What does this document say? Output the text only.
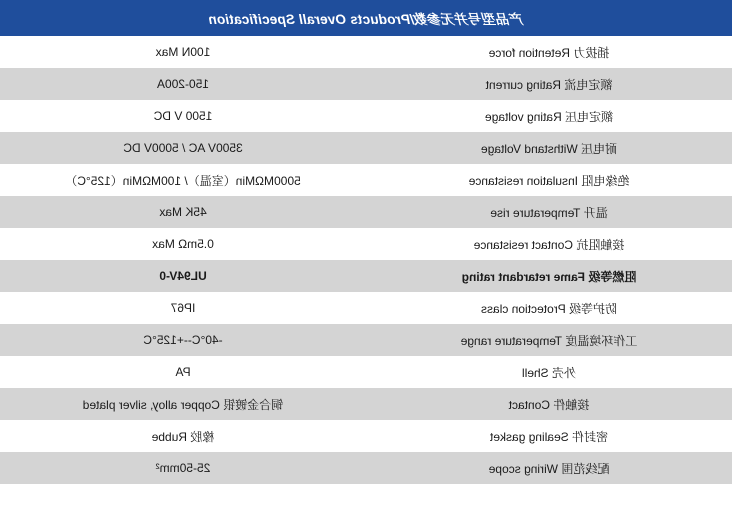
产品型号并无参数/Products Overall Specification	
插拔力 Retention force	100N Max
额定电流 Rating current	150-200A
额定电压 Rating voltage	1500 V DC
耐电压 Withstand Voltage	3500V AC / 5000V DC
绝缘电阻 Insulation resistance	5000MΩMin（室温）/ 100MΩMin（125°C）
温升 Temperature rise	45K Max
接触阻抗 Contact resistance	0.5mΩ Max
阻燃等级 Fame retardant rating	UL94V-0
防护等级 Protection class	IP67
工作环境温度 Temperature range	-40°C--+125°C
外壳 Shell	PA
接触件 Contact	铜合金镀银 Copper alloy, silver plated
密封件 Sealing gasket	橡胶 Rubbe
配线范围 Wiring scope	25-50mm²
